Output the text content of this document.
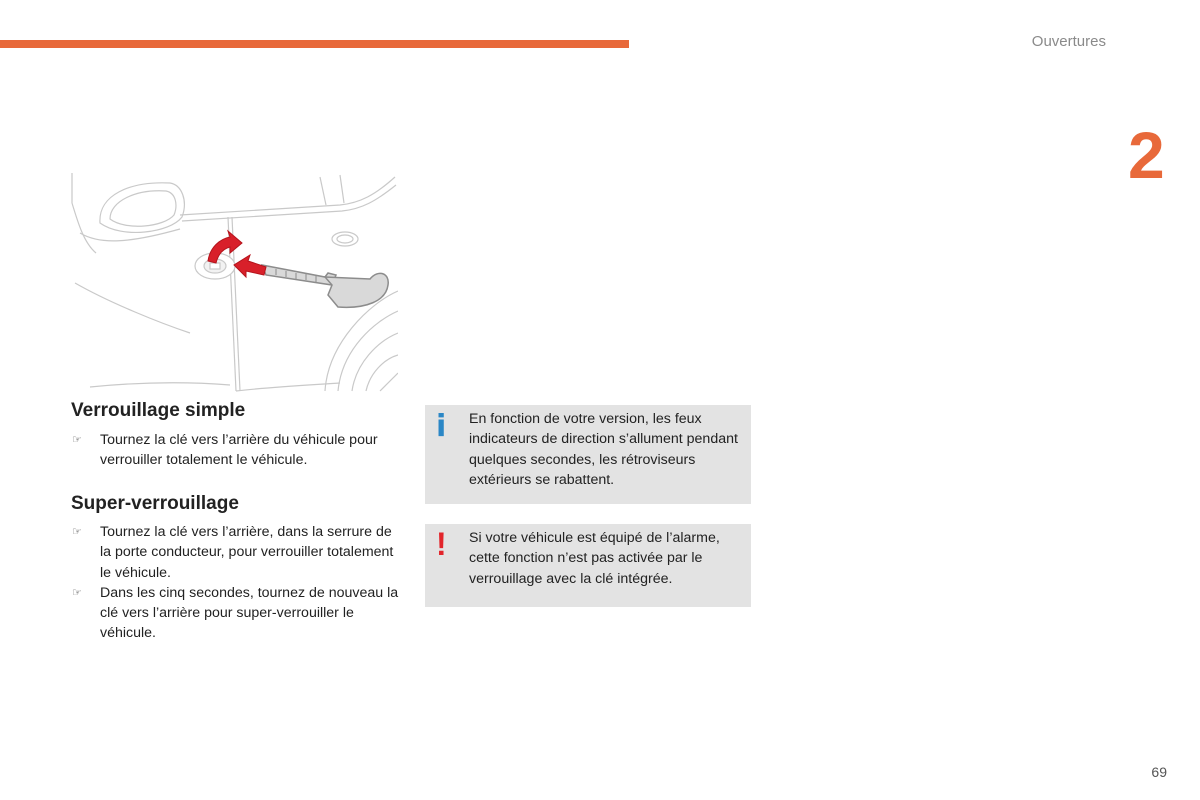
Ouvertures
2
Verrouillage simple
☞ Tournez la clé vers l’arrière du véhicule pour verrouiller totalement le véhicule.
Super-verrouillage
☞ Tournez la clé vers l’arrière, dans la serrure de la porte conducteur, pour verrouiller totalement le véhicule.
☞ Dans les cinq secondes, tournez de nouveau la clé vers l’arrière pour super-verrouiller le véhicule.
i En fonction de votre version, les feux indicateurs de direction s’allument pendant quelques secondes, les rétroviseurs extérieurs se rabattent.
! Si votre véhicule est équipé de l’alarme, cette fonction n’est pas activée par le verrouillage avec la clé intégrée.
69
